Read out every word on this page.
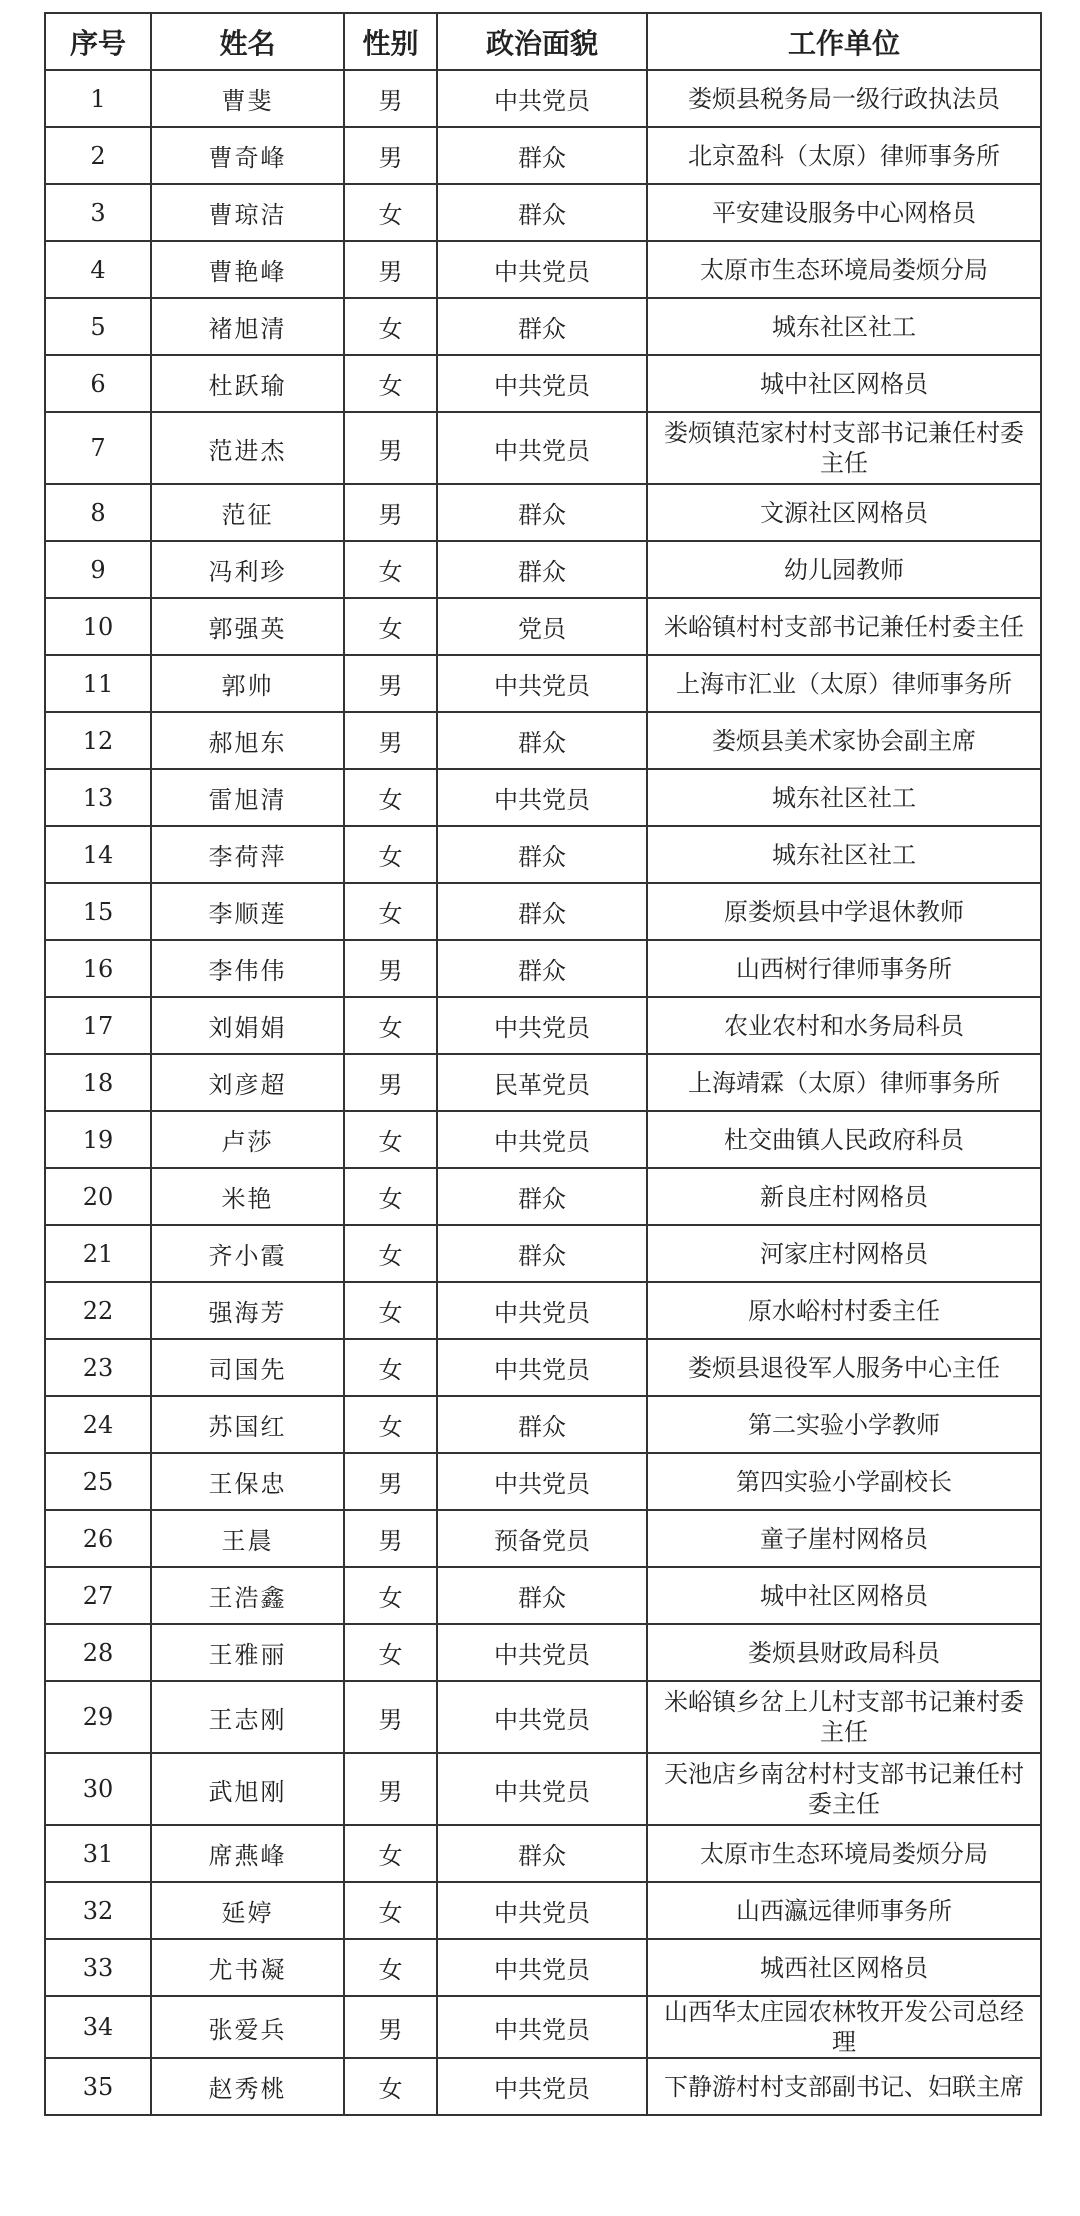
序号	姓名	性别	政治面貌	工作单位
1	曹斐	男	中共党员	娄烦县税务局一级行政执法员
2	曹奇峰	男	群众	北京盈科（太原）律师事务所
3	曹琼洁	女	群众	平安建设服务中心网格员
4	曹艳峰	男	中共党员	太原市生态环境局娄烦分局
5	褚旭清	女	群众	城东社区社工
6	杜跃瑜	女	中共党员	城中社区网格员
7	范进杰	男	中共党员	娄烦镇范家村村支部书记兼任村委主任
8	范征	男	群众	文源社区网格员
9	冯利珍	女	群众	幼儿园教师
10	郭强英	女	党员	米峪镇村村支部书记兼任村委主任
11	郭帅	男	中共党员	上海市汇业（太原）律师事务所
12	郝旭东	男	群众	娄烦县美术家协会副主席
13	雷旭清	女	中共党员	城东社区社工
14	李荷萍	女	群众	城东社区社工
15	李顺莲	女	群众	原娄烦县中学退休教师
16	李伟伟	男	群众	山西树行律师事务所
17	刘娟娟	女	中共党员	农业农村和水务局科员
18	刘彦超	男	民革党员	上海靖霖（太原）律师事务所
19	卢莎	女	中共党员	杜交曲镇人民政府科员
20	米艳	女	群众	新良庄村网格员
21	齐小霞	女	群众	河家庄村网格员
22	强海芳	女	中共党员	原水峪村村委主任
23	司国先	女	中共党员	娄烦县退役军人服务中心主任
24	苏国红	女	群众	第二实验小学教师
25	王保忠	男	中共党员	第四实验小学副校长
26	王晨	男	预备党员	童子崖村网格员
27	王浩鑫	女	群众	城中社区网格员
28	王雅丽	女	中共党员	娄烦县财政局科员
29	王志刚	男	中共党员	米峪镇乡岔上儿村支部书记兼村委主任
30	武旭刚	男	中共党员	天池店乡南岔村村支部书记兼任村委主任
31	席燕峰	女	群众	太原市生态环境局娄烦分局
32	延婷	女	中共党员	山西瀛远律师事务所
33	尤书凝	女	中共党员	城西社区网格员
34	张爱兵	男	中共党员	山西华太庄园农林牧开发公司总经理
35	赵秀桃	女	中共党员	下静游村村支部副书记、妇联主席
